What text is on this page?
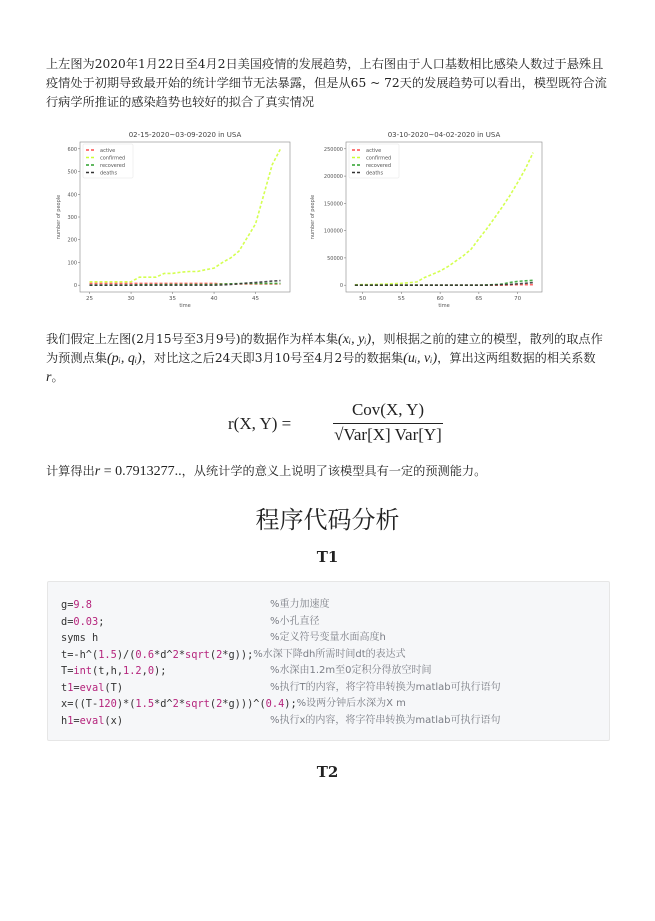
上左图为2020年1月22日至4月2日美国疫情的发展趋势，上右图由于人口基数相比感染人数过于悬殊且疫情处于初期导致最开始的统计学细节无法暴露，但是从65 ~ 72天的发展趋势可以看出，模型既符合流行病学所推证的感染趋势也较好的拟合了真实情况
02-15-2020~03-09-2020 in USA
0
100
200
300
400
500
600
25	30	35	40	45
time
number of people
active
confirmed
recovered
deaths
03-10-2020~04-02-2020 in USA
0
50000
100000
150000
200000
250000
50	55	60	65	70
time
number of people
active
confirmed
recovered
deaths
我们假定上左图(2月15号至3月9号)的数据作为样本集(xᵢ, yᵢ)，则根据之前的建立的模型，散列的取点作为预测点集(pᵢ, qᵢ)，对比这之后24天即3月10号至4月2号的数据集(uᵢ, vᵢ)，算出这两组数据的相关系数r。
r(X, Y) =
Cov(X, Y)
√Var[X] Var[Y]
计算得出r = 0.7913277..，从统计学的意义上说明了该模型具有一定的预测能力。
程序代码分析
T1
g=9.8	%重力加速度
d=0.03;	%小孔直径
syms h	%定义符号变量水面高度h
t=-h^(1.5)/(0.6*d^2*sqrt(2*g)); %水深下降dh所需时间dt的表达式
T=int(t,h,1.2,0);	%水深由1.2m至0定积分得放空时间
t1=eval(T)	%执行T的内容，将字符串转换为matlab可执行语句
x=((T-120)*(1.5*d^2*sqrt(2*g)))^(0.4); %设两分钟后水深为X m
h1=eval(x)	%执行x的内容，将字符串转换为matlab可执行语句
T2
